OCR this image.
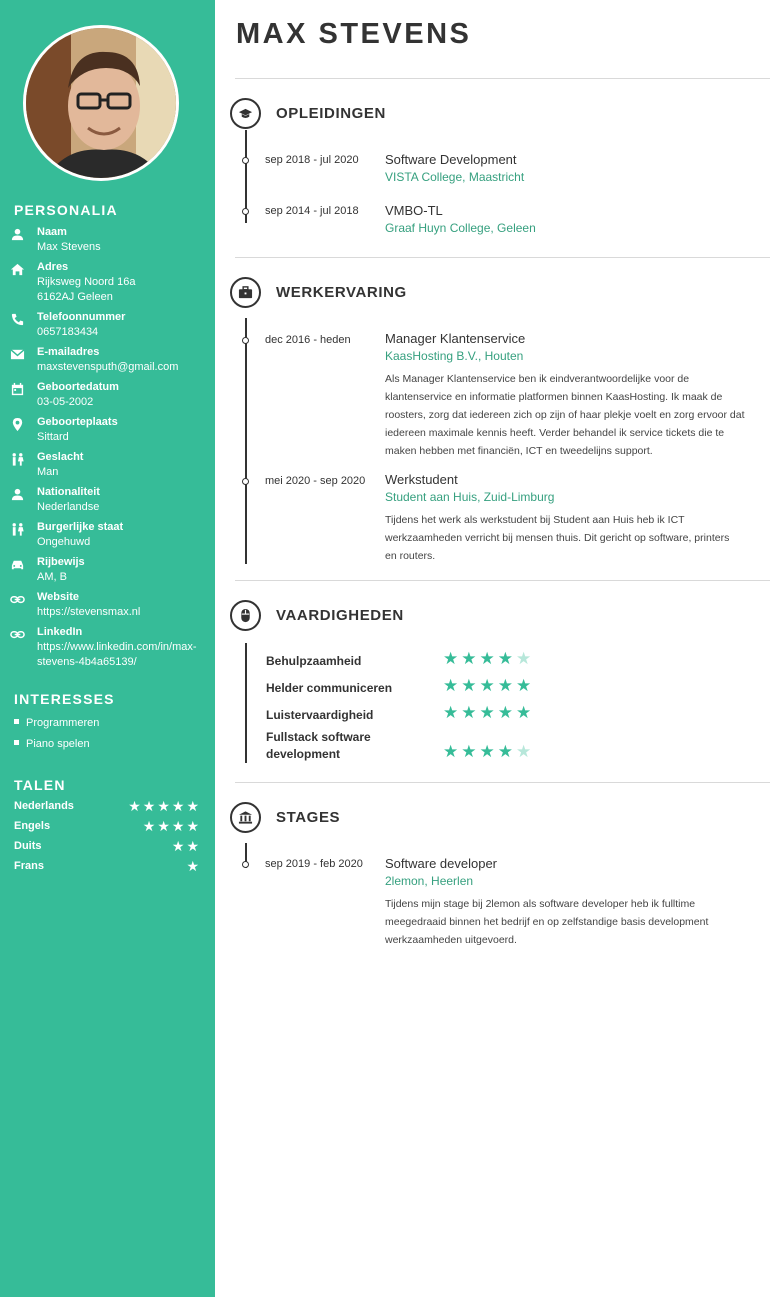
PERSONALIA
Naam
Max Stevens
Adres
Rijksweg Noord 16a
6162AJ Geleen
Telefoonnummer
0657183434
E-mailadres
maxstevensputh@gmail.com
Geboortedatum
03-05-2002
Geboorteplaats
Sittard
Geslacht
Man
Nationaliteit
Nederlandse
Burgerlijke staat
Ongehuwd
Rijbewijs
AM, B
Website
https://stevensmax.nl
LinkedIn
https://www.linkedin.com/in/max-
stevens-4b4a65139/
INTERESSES
Programmeren
Piano spelen
TALEN
Nederlands	★★★★★
Engels	★★★★
Duits	★★
Frans	★
MAX STEVENS
OPLEIDINGEN
sep 2018 - jul 2020 Software Development
VISTA College, Maastricht
sep 2014 - jul 2018 VMBO-TL
Graaf Huyn College, Geleen
WERKERVARING
dec 2016 - heden	Manager Klantenservice
KaasHosting B.V., Houten
Als Manager Klantenservice ben ik eindverantwoordelijke voor de
klantenservice en informatie platformen binnen KaasHosting. Ik maak de
roosters, zorg dat iedereen zich op zijn of haar plekje voelt en zorg ervoor dat
iedereen maximale kennis heeft. Verder behandel ik service tickets die te
maken hebben met financiën, ICT en tweedelijns support.
mei 2020 - sep 2020 Werkstudent
Student aan Huis, Zuid-Limburg
Tijdens het werk als werkstudent bij Student aan Huis heb ik ICT
werkzaamheden verricht bij mensen thuis. Dit gericht op software, printers
en routers.
VAARDIGHEDEN
Behulpzaamheid	★★★★★
Helder communiceren	★★★★★
Luistervaardigheid	★★★★★
Fullstack software
development	★★★★★
STAGES
sep 2019 - feb 2020 Software developer
2lemon, Heerlen
Tijdens mijn stage bij 2lemon als software developer heb ik fulltime
meegedraaid binnen het bedrijf en op zelfstandige basis development
werkzaamheden uitgevoerd.
